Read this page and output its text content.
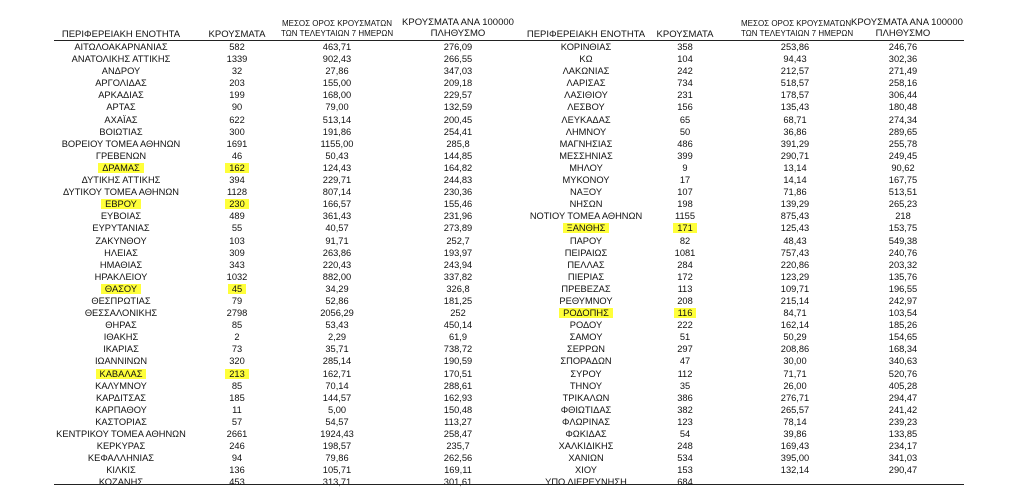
ΠΕΡΙΦΕΡΕΙΑΚΗ ΕΝΟΤΗΤΑ	ΚΡΟΥΣΜΑΤΑ
ΜΕΣΟΣ ΟΡΟΣ ΚΡΟΥΣΜΑΤΩΝ
ΤΩΝ ΤΕΛΕΥΤΑΙΩΝ 7 ΗΜΕΡΩΝ
ΚΡΟΥΣΜΑΤΑ ΑΝΑ 100000
ΠΛΗΘΥΣΜΟ	ΠΕΡΙΦΕΡΕΙΑΚΗ ΕΝΟΤΗΤΑ	ΚΡΟΥΣΜΑΤΑ
ΜΕΣΟΣ ΟΡΟΣ ΚΡΟΥΣΜΑΤΩΝ
ΤΩΝ ΤΕΛΕΥΤΑΙΩΝ 7 ΗΜΕΡΩΝ
ΚΡΟΥΣΜΑΤΑ ΑΝΑ 100000
ΠΛΗΘΥΣΜΟ
ΑΙΤΩΛΟΑΚΑΡΝΑΝΙΑΣ	582	463,71	276,09	ΚΟΡΙΝΘΙΑΣ	358	253,86	246,76
ΑΝΑΤΟΛΙΚΗΣ ΑΤΤΙΚΗΣ	1339	902,43	266,55	ΚΩ	104	94,43	302,36
ΑΝΔΡΟΥ	32	27,86	347,03	ΛΑΚΩΝΙΑΣ	242	212,57	271,49
ΑΡΓΟΛΙΔΑΣ	203	155,00	209,18	ΛΑΡΙΣΑΣ	734	518,57	258,16
ΑΡΚΑΔΙΑΣ	199	168,00	229,57	ΛΑΣΙΘΙΟΥ	231	178,57	306,44
ΑΡΤΑΣ	90	79,00	132,59	ΛΕΣΒΟΥ	156	135,43	180,48
ΑΧΑΪΑΣ	622	513,14	200,45	ΛΕΥΚΑΔΑΣ	65	68,71	274,34
ΒΟΙΩΤΙΑΣ	300	191,86	254,41	ΛΗΜΝΟΥ	50	36,86	289,65
ΒΟΡΕΙΟΥ ΤΟΜΕΑ ΑΘΗΝΩΝ	1691	1155,00	285,8	ΜΑΓΝΗΣΙΑΣ	486	391,29	255,78
ΓΡΕΒΕΝΩΝ	46	50,43	144,85	ΜΕΣΣΗΝΙΑΣ	399	290,71	249,45
ΔΡΑΜΑΣ	162	124,43	164,82	ΜΗΛΟΥ	9	13,14	90,62
ΔΥΤΙΚΗΣ ΑΤΤΙΚΗΣ	394	229,71	244,83	ΜΥΚΟΝΟΥ	17	14,14	167,75
ΔΥΤΙΚΟΥ ΤΟΜΕΑ ΑΘΗΝΩΝ	1128	807,14	230,36	ΝΑΞΟΥ	107	71,86	513,51
ΕΒΡΟΥ	230	166,57	155,46	ΝΗΣΩΝ	198	139,29	265,23
ΕΥΒΟΙΑΣ	489	361,43	231,96	ΝΟΤΙΟΥ ΤΟΜΕΑ ΑΘΗΝΩΝ	1155	875,43	218
ΕΥΡΥΤΑΝΙΑΣ	55	40,57	273,89	ΞΑΝΘΗΣ	171	125,43	153,75
ΖΑΚΥΝΘΟΥ	103	91,71	252,7	ΠΑΡΟΥ	82	48,43	549,38
ΗΛΕΙΑΣ	309	263,86	193,97	ΠΕΙΡΑΙΩΣ	1081	757,43	240,76
ΗΜΑΘΙΑΣ	343	220,43	243,94	ΠΕΛΛΑΣ	284	220,86	203,32
ΗΡΑΚΛΕΙΟΥ	1032	882,00	337,82	ΠΙΕΡΙΑΣ	172	123,29	135,76
ΘΑΣΟΥ	45	34,29	326,8	ΠΡΕΒΕΖΑΣ	113	109,71	196,55
ΘΕΣΠΡΩΤΙΑΣ	79	52,86	181,25	ΡΕΘΥΜΝΟΥ	208	215,14	242,97
ΘΕΣΣΑΛΟΝΙΚΗΣ	2798	2056,29	252	ΡΟΔΟΠΗΣ	116	84,71	103,54
ΘΗΡΑΣ	85	53,43	450,14	ΡΟΔΟΥ	222	162,14	185,26
ΙΘΑΚΗΣ	2	2,29	61,9	ΣΑΜΟΥ	51	50,29	154,65
ΙΚΑΡΙΑΣ	73	35,71	738,72	ΣΕΡΡΩΝ	297	208,86	168,34
ΙΩΑΝΝΙΝΩΝ	320	285,14	190,59	ΣΠΟΡΑΔΩΝ	47	30,00	340,63
ΚΑΒΑΛΑΣ	213	162,71	170,51	ΣΥΡΟΥ	112	71,71	520,76
ΚΑΛΥΜΝΟΥ	85	70,14	288,61	ΤΗΝΟΥ	35	26,00	405,28
ΚΑΡΔΙΤΣΑΣ	185	144,57	162,93	ΤΡΙΚΑΛΩΝ	386	276,71	294,47
ΚΑΡΠΑΘΟΥ	11	5,00	150,48	ΦΘΙΩΤΙΔΑΣ	382	265,57	241,42
ΚΑΣΤΟΡΙΑΣ	57	54,57	113,27	ΦΛΩΡΙΝΑΣ	123	78,14	239,23
ΚΕΝΤΡΙΚΟΥ ΤΟΜΕΑ ΑΘΗΝΩΝ	2661	1924,43	258,47	ΦΩΚΙΔΑΣ	54	39,86	133,85
ΚΕΡΚΥΡΑΣ	246	198,57	235,7	ΧΑΛΚΙΔΙΚΗΣ	248	169,43	234,17
ΚΕΦΑΛΛΗΝΙΑΣ	94	79,86	262,56	ΧΑΝΙΩΝ	534	395,00	341,03
ΚΙΛΚΙΣ	136	105,71	169,11	ΧΙΟΥ	153	132,14	290,47
ΚΟΖΑΝΗΣ	453	313,71	301,61	ΥΠΟ ΔΙΕΡΕΥΝΗΣΗ	684
